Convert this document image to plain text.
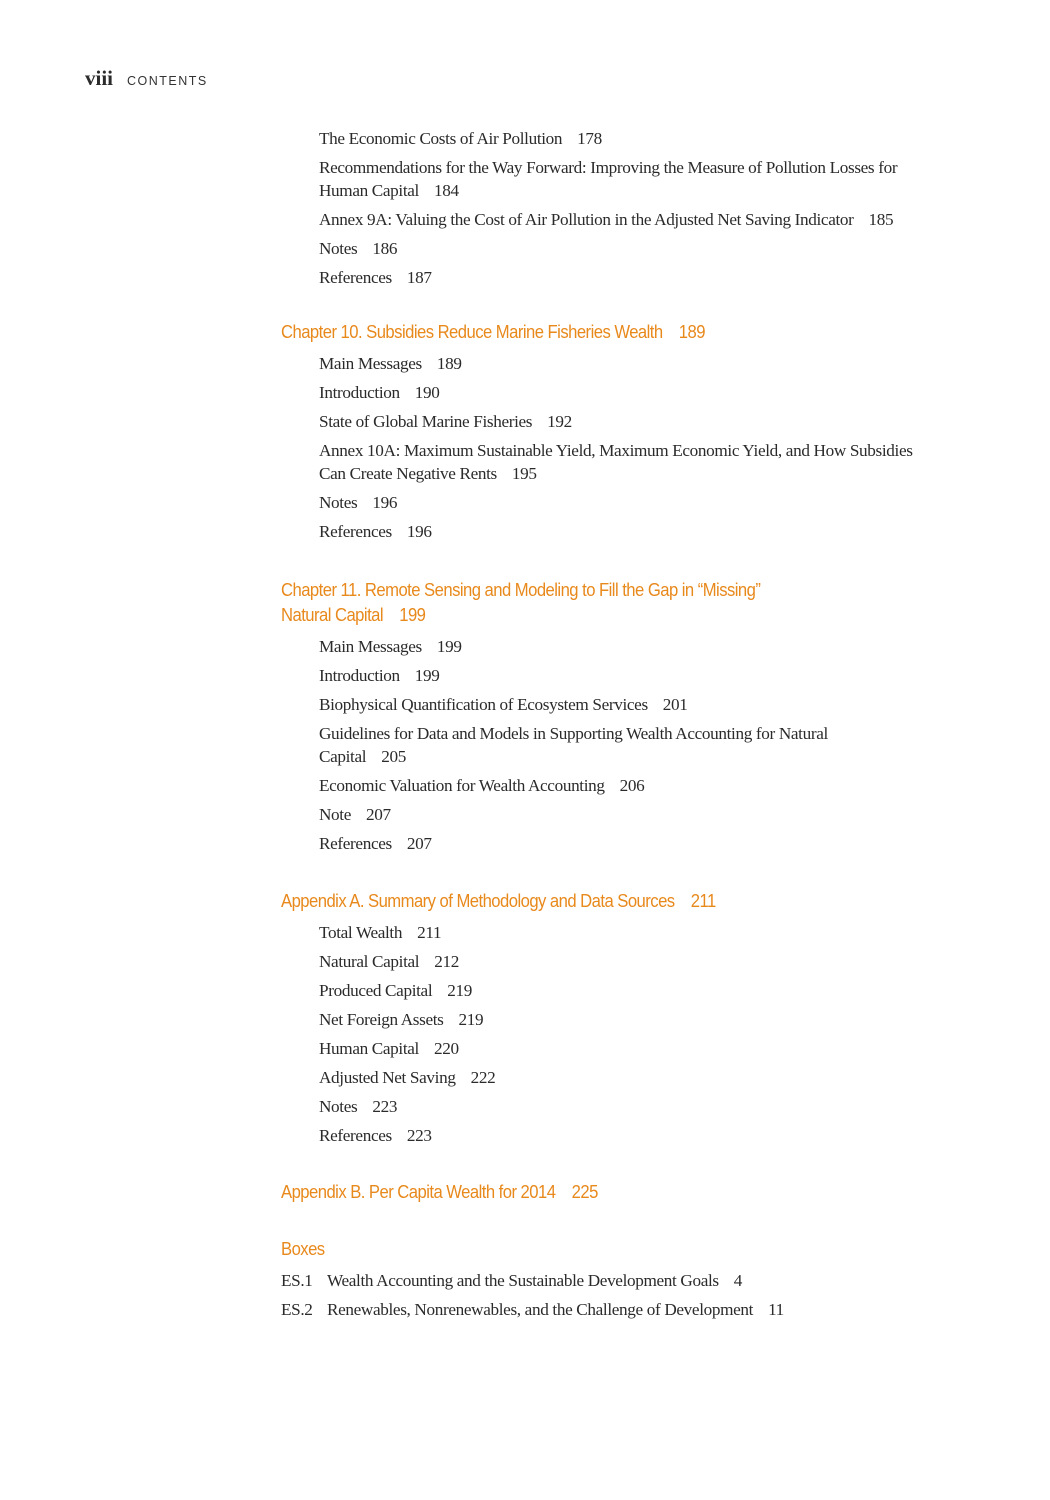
viii CONTENTS
The Economic Costs of Air Pollution 178
Recommendations for the Way Forward: Improving the Measure of Pollution Losses for
Human Capital 184
Annex 9A: Valuing the Cost of Air Pollution in the Adjusted Net Saving Indicator 185
Notes 186
References 187
Chapter 10. Subsidies Reduce Marine Fisheries Wealth 189
Main Messages 189
Introduction 190
State of Global Marine Fisheries 192
Annex 10A: Maximum Sustainable Yield, Maximum Economic Yield, and How Subsidies
Can Create Negative Rents 195
Notes 196
References 196
Chapter 11. Remote Sensing and Modeling to Fill the Gap in “Missing”
Natural Capital 199
Main Messages 199
Introduction 199
Biophysical Quantification of Ecosystem Services 201
Guidelines for Data and Models in Supporting Wealth Accounting for Natural
Capital 205
Economic Valuation for Wealth Accounting 206
Note 207
References 207
Appendix A. Summary of Methodology and Data Sources 211
Total Wealth 211
Natural Capital 212
Produced Capital 219
Net Foreign Assets 219
Human Capital 220
Adjusted Net Saving 222
Notes 223
References 223
Appendix B. Per Capita Wealth for 2014 225
Boxes
ES.1 Wealth Accounting and the Sustainable Development Goals 4
ES.2 Renewables, Nonrenewables, and the Challenge of Development 11
